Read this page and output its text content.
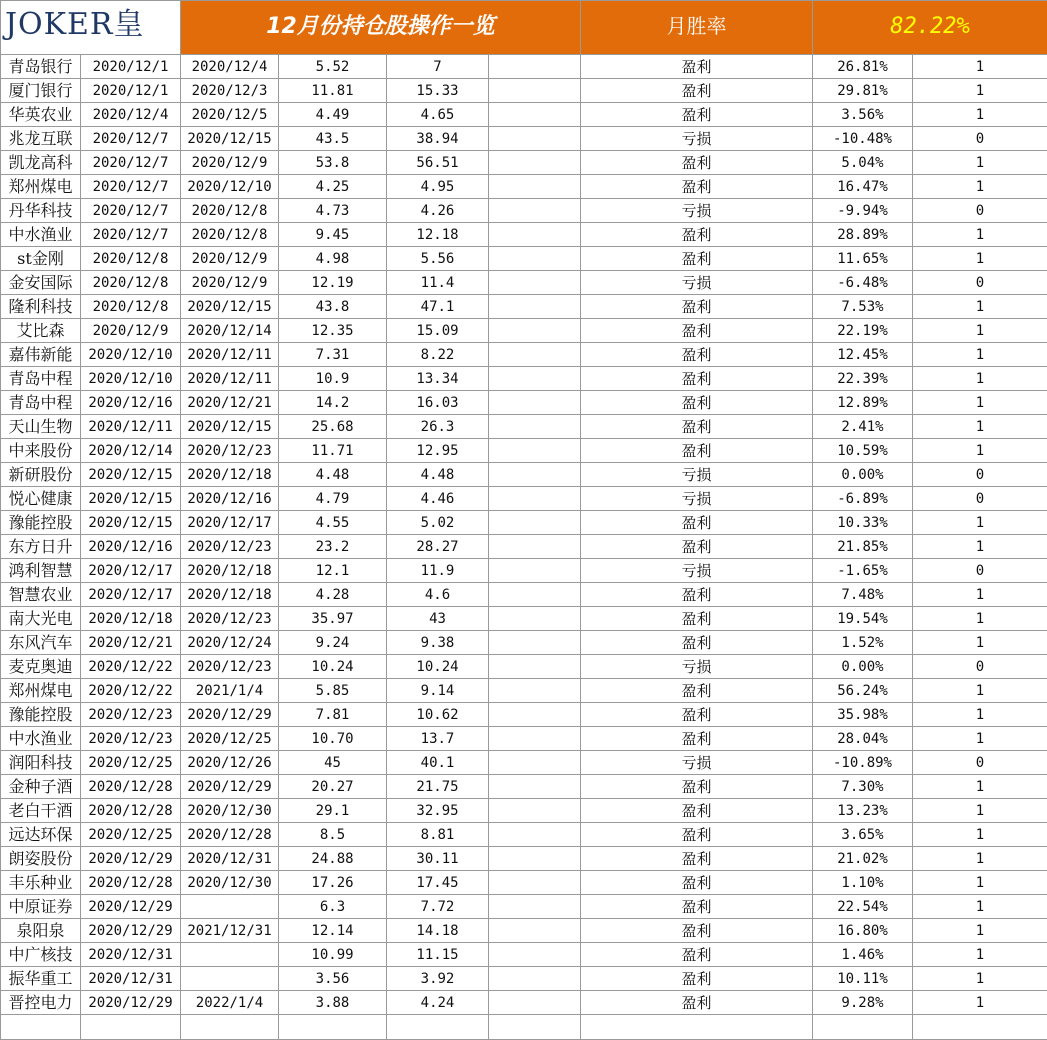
JOKER皇		12月份持仓股操作一览				月胜率	82.22%	
青岛银行	2020/12/1	2020/12/4	5.52	7		盈利	26.81%	1
厦门银行	2020/12/1	2020/12/3	11.81	15.33		盈利	29.81%	1
华英农业	2020/12/4	2020/12/5	4.49	4.65		盈利	3.56%	1
兆龙互联	2020/12/7	2020/12/15	43.5	38.94		亏损	-10.48%	0
凯龙高科	2020/12/7	2020/12/9	53.8	56.51		盈利	5.04%	1
郑州煤电	2020/12/7	2020/12/10	4.25	4.95		盈利	16.47%	1
丹华科技	2020/12/7	2020/12/8	4.73	4.26		亏损	-9.94%	0
中水渔业	2020/12/7	2020/12/8	9.45	12.18		盈利	28.89%	1
st金刚	2020/12/8	2020/12/9	4.98	5.56		盈利	11.65%	1
金安国际	2020/12/8	2020/12/9	12.19	11.4		亏损	-6.48%	0
隆利科技	2020/12/8	2020/12/15	43.8	47.1		盈利	7.53%	1
艾比森	2020/12/9	2020/12/14	12.35	15.09		盈利	22.19%	1
嘉伟新能	2020/12/10	2020/12/11	7.31	8.22		盈利	12.45%	1
青岛中程	2020/12/10	2020/12/11	10.9	13.34		盈利	22.39%	1
青岛中程	2020/12/16	2020/12/21	14.2	16.03		盈利	12.89%	1
天山生物	2020/12/11	2020/12/15	25.68	26.3		盈利	2.41%	1
中来股份	2020/12/14	2020/12/23	11.71	12.95		盈利	10.59%	1
新研股份	2020/12/15	2020/12/18	4.48	4.48		亏损	0.00%	0
悦心健康	2020/12/15	2020/12/16	4.79	4.46		亏损	-6.89%	0
豫能控股	2020/12/15	2020/12/17	4.55	5.02		盈利	10.33%	1
东方日升	2020/12/16	2020/12/23	23.2	28.27		盈利	21.85%	1
鸿利智慧	2020/12/17	2020/12/18	12.1	11.9		亏损	-1.65%	0
智慧农业	2020/12/17	2020/12/18	4.28	4.6		盈利	7.48%	1
南大光电	2020/12/18	2020/12/23	35.97	43		盈利	19.54%	1
东风汽车	2020/12/21	2020/12/24	9.24	9.38		盈利	1.52%	1
麦克奥迪	2020/12/22	2020/12/23	10.24	10.24		亏损	0.00%	0
郑州煤电	2020/12/22	2021/1/4	5.85	9.14		盈利	56.24%	1
豫能控股	2020/12/23	2020/12/29	7.81	10.62		盈利	35.98%	1
中水渔业	2020/12/23	2020/12/25	10.70	13.7		盈利	28.04%	1
润阳科技	2020/12/25	2020/12/26	45	40.1		亏损	-10.89%	0
金种子酒	2020/12/28	2020/12/29	20.27	21.75		盈利	7.30%	1
老白干酒	2020/12/28	2020/12/30	29.1	32.95		盈利	13.23%	1
远达环保	2020/12/25	2020/12/28	8.5	8.81		盈利	3.65%	1
朗姿股份	2020/12/29	2020/12/31	24.88	30.11		盈利	21.02%	1
丰乐种业	2020/12/28	2020/12/30	17.26	17.45		盈利	1.10%	1
中原证券	2020/12/29		6.3	7.72		盈利	22.54%	1
泉阳泉	2020/12/29	2021/12/31	12.14	14.18		盈利	16.80%	1
中广核技	2020/12/31		10.99	11.15		盈利	1.46%	1
振华重工	2020/12/31		3.56	3.92		盈利	10.11%	1
晋控电力	2020/12/29	2022/1/4	3.88	4.24		盈利	9.28%	1
